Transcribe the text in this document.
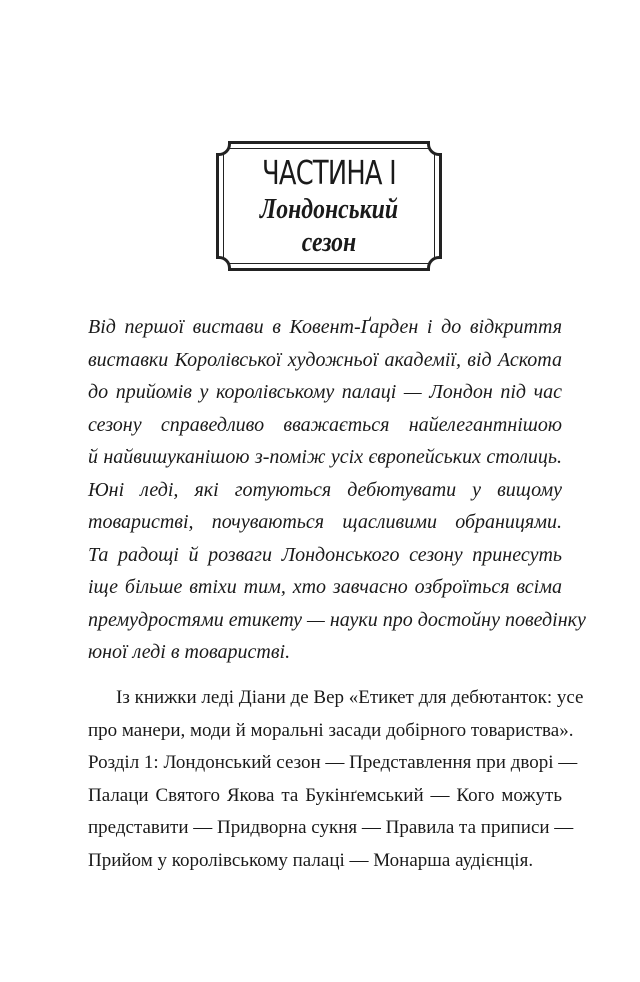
ЧАСТИНА І
Лондонський
сезон

Від першої вистави в Ковент-Ґарден і до відкриття
виставки Королівської художньої академії, від Аскота
до прийомів у королівському палаці — Лондон під час
сезону справедливо вважається найелегантнішою
й найвишуканішою з-поміж усіх європейських столиць.
Юні леді, які готуються дебютувати у вищому
товаристві, почуваються щасливими обраницями.
Та радощі й розваги Лондонського сезону принесуть
іще більше втіхи тим, хто завчасно озброїться всіма
премудростями етикету — науки про достойну поведінку
юної леді в товаристві.

Із книжки леді Діани де Вер «Етикет для дебютанток: усе
про манери, моди й моральні засади добірного товариства».
Розділ 1: Лондонський сезон — Представлення при дворі —
Палаци Святого Якова та Букінґемський — Кого можуть
представити — Придворна сукня — Правила та приписи —
Прийом у королівському палаці — Монарша аудієнція.
